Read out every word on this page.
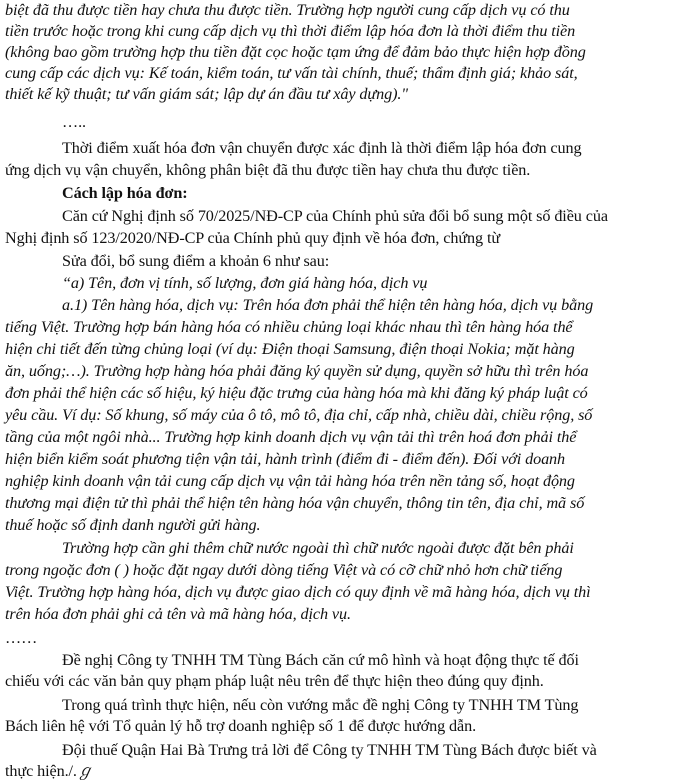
biệt đã thu được tiền hay chưa thu được tiền. Trường hợp người cung cấp dịch vụ có thu
tiền trước hoặc trong khi cung cấp dịch vụ thì thời điểm lập hóa đơn là thời điểm thu tiền
(không bao gồm trường hợp thu tiền đặt cọc hoặc tạm ứng để đảm bảo thực hiện hợp đồng
cung cấp các dịch vụ: Kế toán, kiểm toán, tư vấn tài chính, thuế; thẩm định giá; khảo sát,
thiết kế kỹ thuật; tư vấn giám sát; lập dự án đầu tư xây dựng)."
…..
Thời điểm xuất hóa đơn vận chuyển được xác định là thời điểm lập hóa đơn cung
ứng dịch vụ vận chuyển, không phân biệt đã thu được tiền hay chưa thu được tiền.
Cách lập hóa đơn:
Căn cứ Nghị định số 70/2025/NĐ-CP của Chính phủ sửa đổi bổ sung một số điều của
Nghị định số 123/2020/NĐ-CP của Chính phủ quy định về hóa đơn, chứng từ
Sửa đổi, bổ sung điểm a khoản 6 như sau:
“a) Tên, đơn vị tính, số lượng, đơn giá hàng hóa, dịch vụ
a.1) Tên hàng hóa, dịch vụ: Trên hóa đơn phải thể hiện tên hàng hóa, dịch vụ bằng
tiếng Việt. Trường hợp bán hàng hóa có nhiều chủng loại khác nhau thì tên hàng hóa thể
hiện chi tiết đến từng chủng loại (ví dụ: Điện thoại Samsung, điện thoại Nokia; mặt hàng
ăn, uống;…). Trường hợp hàng hóa phải đăng ký quyền sử dụng, quyền sở hữu thì trên hóa
đơn phải thể hiện các số hiệu, ký hiệu đặc trưng của hàng hóa mà khi đăng ký pháp luật có
yêu cầu. Ví dụ: Số khung, số máy của ô tô, mô tô, địa chỉ, cấp nhà, chiều dài, chiều rộng, số
tầng của một ngôi nhà... Trường hợp kinh doanh dịch vụ vận tải thì trên hoá đơn phải thể
hiện biển kiểm soát phương tiện vận tải, hành trình (điểm đi - điểm đến). Đối với doanh
nghiệp kinh doanh vận tải cung cấp dịch vụ vận tải hàng hóa trên nền tảng số, hoạt động
thương mại điện tử thì phải thể hiện tên hàng hóa vận chuyển, thông tin tên, địa chỉ, mã số
thuế hoặc số định danh người gửi hàng.
Trường hợp cần ghi thêm chữ nước ngoài thì chữ nước ngoài được đặt bên phải
trong ngoặc đơn ( ) hoặc đặt ngay dưới dòng tiếng Việt và có cỡ chữ nhỏ hơn chữ tiếng
Việt. Trường hợp hàng hóa, dịch vụ được giao dịch có quy định về mã hàng hóa, dịch vụ thì
trên hóa đơn phải ghi cả tên và mã hàng hóa, dịch vụ.
……
Đề nghị Công ty TNHH TM Tùng Bách căn cứ mô hình và hoạt động thực tế đối
chiếu với các văn bản quy phạm pháp luật nêu trên để thực hiện theo đúng quy định.
Trong quá trình thực hiện, nếu còn vướng mắc đề nghị Công ty TNHH TM Tùng
Bách liên hệ với Tổ quản lý hỗ trợ doanh nghiệp số 1 để được hướng dẫn.
Đội thuế Quận Hai Bà Trưng trả lời để Công ty TNHH TM Tùng Bách được biết và
thực hiện./.ℊ
